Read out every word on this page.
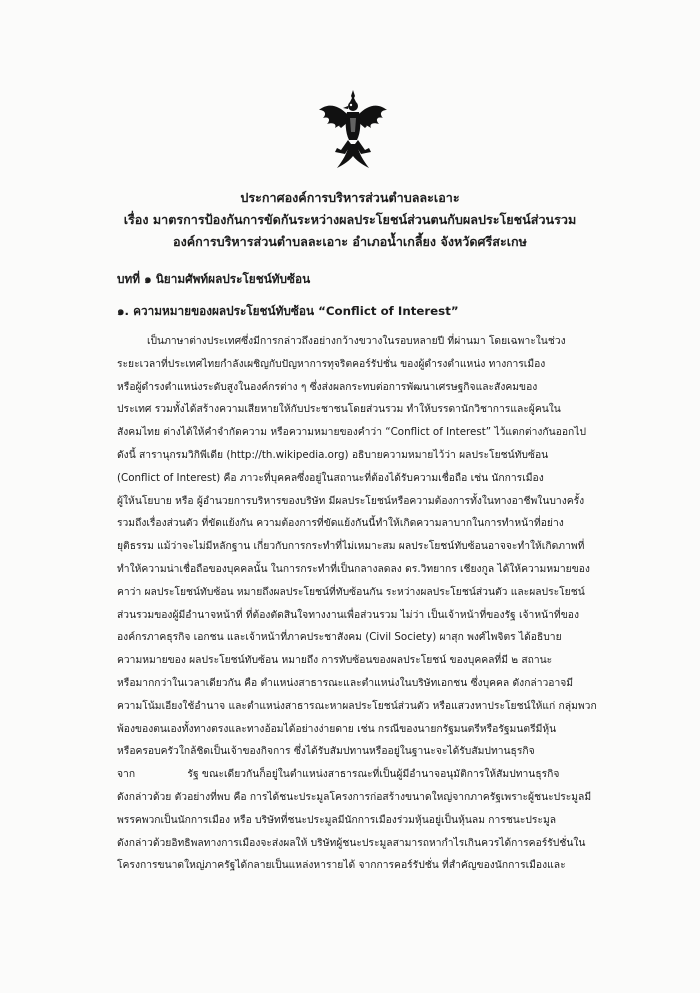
ประกาศองค์การบริหารส่วนตำบลละเอาะ
เรื่อง มาตรการป้องกันการขัดกันระหว่างผลประโยชน์ส่วนตนกับผลประโยชน์ส่วนรวม
องค์การบริหารส่วนตำบลละเอาะ อำเภอน้ำเกลี้ยง จังหวัดศรีสะเกษ
บทที่ ๑ นิยามศัพท์ผลประโยชน์ทับซ้อน
๑. ความหมายของผลประโยชน์ทับซ้อน “Conflict of Interest”
เป็นภาษาต่างประเทศซึ่งมีการกล่าวถึงอย่างกว้างขวางในรอบหลายปี ที่ผ่านมา โดยเฉพาะในช่วง
ระยะเวลาที่ประเทศไทยกำลังเผชิญกับปัญหาการทุจริตคอร์รัปชั่น ของผู้ดำรงตำแหน่ง ทางการเมือง
หรือผู้ดำรงตำแหน่งระดับสูงในองค์กรต่าง ๆ ซึ่งส่งผลกระทบต่อการพัฒนาเศรษฐกิจและสังคมของ
ประเทศ รวมทั้งได้สร้างความเสียหายให้กับประชาชนโดยส่วนรวม ทำให้บรรดานักวิชาการและผู้คนใน
สังคมไทย ต่างได้ให้คำจำกัดความ หรือความหมายของคำว่า “Conflict of Interest” ไว้แตกต่างกันออกไป
ดังนี้ สารานุกรมวิกิพีเดีย (http://th.wikipedia.org) อธิบายความหมายไว้ว่า ผลประโยชน์ทับซ้อน
(Conflict of Interest) คือ ภาวะที่บุคคลซึ่งอยู่ในสถานะที่ต้องได้รับความเชื่อถือ เช่น นักการเมือง
ผู้ให้นโยบาย หรือ ผู้อำนวยการบริหารของบริษัท มีผลประโยชน์หรือความต้องการทั้งในทางอาชีพในบางครั้ง
รวมถึงเรื่องส่วนตัว ที่ขัดแย้งกัน ความต้องการที่ขัดแย้งกันนี้ทำให้เกิดความลาบากในการทำหน้าที่อย่าง
ยุติธรรม แม้ว่าจะไม่มีหลักฐาน เกี่ยวกับการกระทำที่ไม่เหมาะสม ผลประโยชน์ทับซ้อนอาจจะทำให้เกิดภาพที่
ทำให้ความน่าเชื่อถือของบุคคลนั้น ในการกระทำที่เป็นกลางลดลง ดร.วิทยากร เชียงกูล ได้ให้ความหมายของ
คาว่า ผลประโยชน์ทับซ้อน หมายถึงผลประโยชน์ที่ทับซ้อนกัน ระหว่างผลประโยชน์ส่วนตัว และผลประโยชน์
ส่วนรวมของผู้มีอำนาจหน้าที่ ที่ต้องตัดสินใจทางงานเพื่อส่วนรวม ไม่ว่า เป็นเจ้าหน้าที่ของรัฐ เจ้าหน้าที่ของ
องค์กรภาคธุรกิจ เอกชน และเจ้าหน้าที่ภาคประชาสังคม (Civil Society) ผาสุก พงศ์ไพจิตร ได้อธิบาย
ความหมายของ ผลประโยชน์ทับซ้อน หมายถึง การทับซ้อนของผลประโยชน์ ของบุคคลที่มี ๒ สถานะ
หรือมากกว่าในเวลาเดียวกัน คือ ตำแหน่งสาธารณะและตำแหน่งในบริษัทเอกชน ซึ่งบุคคล ดังกล่าวอาจมี
ความโน้มเอียงใช้อำนาจ และตำแหน่งสาธารณะหาผลประโยชน์ส่วนตัว หรือแสวงหาประโยชน์ให้แก่ กลุ่มพวก
พ้องของตนเองทั้งทางตรงและทางอ้อมได้อย่างง่ายดาย เช่น กรณีของนายกรัฐมนตรีหรือรัฐมนตรีมีหุ้น
หรือครอบครัวใกล้ชิดเป็นเจ้าของกิจการ ซึ่งได้รับสัมปทานหรืออยู่ในฐานะจะได้รับสัมปทานธุรกิจ
จาก                รัฐ ขณะเดียวกันก็อยู่ในตำแหน่งสาธารณะที่เป็นผู้มีอำนาจอนุมัติการให้สัมปทานธุรกิจ
ดังกล่าวด้วย ตัวอย่างที่พบ คือ การได้ชนะประมูลโครงการก่อสร้างขนาดใหญ่จากภาครัฐเพราะผู้ชนะประมูลมี
พรรคพวกเป็นนักการเมือง หรือ บริษัทที่ชนะประมูลมีนักการเมืองร่วมหุ้นอยู่เป็นหุ้นลม การชนะประมูล
ดังกล่าวด้วยอิทธิพลทางการเมืองจะส่งผลให้ บริษัทผู้ชนะประมูลสามารถหากำไรเกินควรได้การคอร์รัปชั่นใน
โครงการขนาดใหญ่ภาครัฐได้กลายเป็นแหล่งหารายได้ จากการคอร์รัปชั่น ที่สำคัญของนักการเมืองและ
